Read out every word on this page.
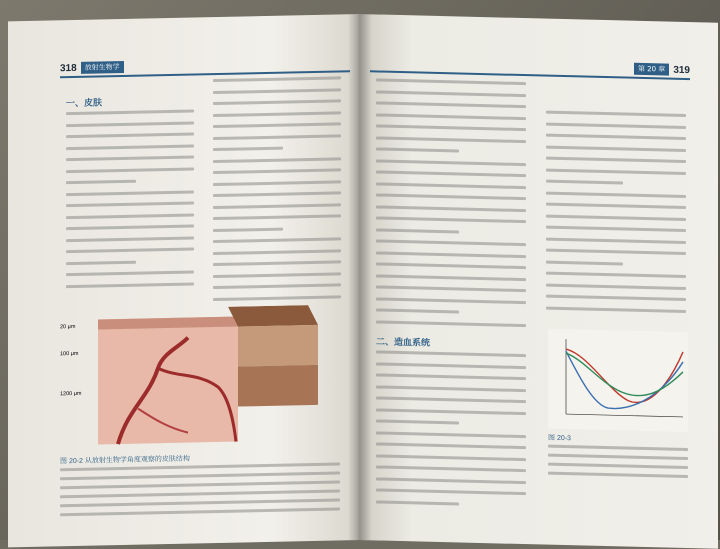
318	放射生物学
一、皮肤
20 μm
100 μm
1200 μm
图 20-2 从放射生物学角度观察的皮肤结构
第 20 章 319
二、造血系统
图 20-3
